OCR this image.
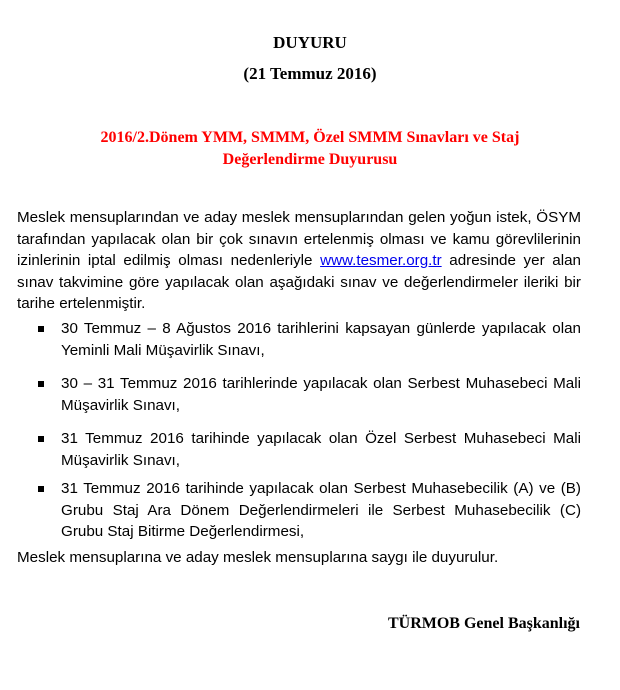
DUYURU
(21 Temmuz 2016)
2016/2.Dönem YMM, SMMM, Özel SMMM Sınavları ve Staj Değerlendirme Duyurusu
Meslek mensuplarından ve aday meslek mensuplarından gelen yoğun istek, ÖSYM tarafından yapılacak olan bir çok sınavın ertelenmiş olması ve kamu görevlilerinin izinlerinin iptal edilmiş olması nedenleriyle www.tesmer.org.tr adresinde yer alan sınav takvimine göre yapılacak olan aşağıdaki sınav ve değerlendirmeler ileriki bir tarihe ertelenmiştir.
30 Temmuz – 8 Ağustos 2016 tarihlerini kapsayan günlerde yapılacak olan Yeminli Mali Müşavirlik Sınavı,
30 – 31 Temmuz 2016 tarihlerinde yapılacak olan Serbest Muhasebeci Mali Müşavirlik Sınavı,
31 Temmuz 2016 tarihinde yapılacak olan Özel Serbest Muhasebeci Mali Müşavirlik Sınavı,
31 Temmuz 2016 tarihinde yapılacak olan Serbest Muhasebecilik (A) ve (B) Grubu Staj Ara Dönem Değerlendirmeleri ile Serbest Muhasebecilik (C) Grubu Staj Bitirme Değerlendirmesi,
Meslek mensuplarına ve aday meslek mensuplarına saygı ile duyurulur.
TÜRMOB Genel Başkanlığı
